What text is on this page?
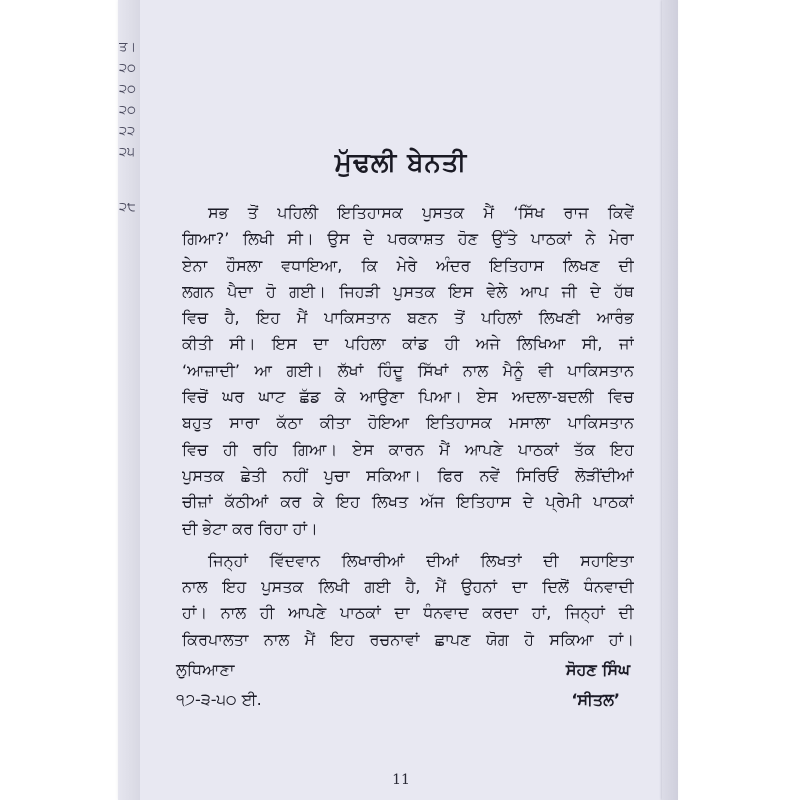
ਤ।
੨੦
੨੦
੨੦
੨੨
੨੫
੨੮
ਮੁੱਢਲੀ ਬੇਨਤੀ
ਸਭ ਤੋਂ ਪਹਿਲੀ ਇਤਿਹਾਸਕ ਪੁਸਤਕ ਮੈਂ ‘ਸਿੱਖ ਰਾਜ ਕਿਵੇਂ
ਗਿਆ?’ ਲਿਖੀ ਸੀ। ਉਸ ਦੇ ਪਰਕਾਸ਼ਤ ਹੋਣ ਉੱਤੇ ਪਾਠਕਾਂ ਨੇ ਮੇਰਾ
ਏਨਾ ਹੌਸਲਾ ਵਧਾਇਆ, ਕਿ ਮੇਰੇ ਅੰਦਰ ਇਤਿਹਾਸ ਲਿਖਣ ਦੀ
ਲਗਨ ਪੈਦਾ ਹੋ ਗਈ। ਜਿਹੜੀ ਪੁਸਤਕ ਇਸ ਵੇਲੇ ਆਪ ਜੀ ਦੇ ਹੱਥ
ਵਿਚ ਹੈ, ਇਹ ਮੈਂ ਪਾਕਿਸਤਾਨ ਬਣਨ ਤੋਂ ਪਹਿਲਾਂ ਲਿਖਣੀ ਆਰੰਭ
ਕੀਤੀ ਸੀ। ਇਸ ਦਾ ਪਹਿਲਾ ਕਾਂਡ ਹੀ ਅਜੇ ਲਿਖਿਆ ਸੀ, ਜਾਂ
‘ਆਜ਼ਾਦੀ’ ਆ ਗਈ। ਲੱਖਾਂ ਹਿੰਦੂ ਸਿੱਖਾਂ ਨਾਲ ਮੈਨੂੰ ਵੀ ਪਾਕਿਸਤਾਨ
ਵਿਚੋਂ ਘਰ ਘਾਟ ਛੱਡ ਕੇ ਆਉਣਾ ਪਿਆ। ਏਸ ਅਦਲਾ-ਬਦਲੀ ਵਿਚ
ਬਹੁਤ ਸਾਰਾ ਕੱਠਾ ਕੀਤਾ ਹੋਇਆ ਇਤਿਹਾਸਕ ਮਸਾਲਾ ਪਾਕਿਸਤਾਨ
ਵਿਚ ਹੀ ਰਹਿ ਗਿਆ। ਏਸ ਕਾਰਨ ਮੈਂ ਆਪਣੇ ਪਾਠਕਾਂ ਤੱਕ ਇਹ
ਪੁਸਤਕ ਛੇਤੀ ਨਹੀਂ ਪੁਚਾ ਸਕਿਆ। ਫਿਰ ਨਵੇਂ ਸਿਰਿਓਂ ਲੋੜੀਂਦੀਆਂ
ਚੀਜ਼ਾਂ ਕੱਠੀਆਂ ਕਰ ਕੇ ਇਹ ਲਿਖਤ ਅੱਜ ਇਤਿਹਾਸ ਦੇ ਪ੍ਰੇਮੀ ਪਾਠਕਾਂ
ਦੀ ਭੇਟਾ ਕਰ ਰਿਹਾ ਹਾਂ।
ਜਿਨ੍ਹਾਂ ਵਿੱਦਵਾਨ ਲਿਖਾਰੀਆਂ ਦੀਆਂ ਲਿਖਤਾਂ ਦੀ ਸਹਾਇਤਾ
ਨਾਲ ਇਹ ਪੁਸਤਕ ਲਿਖੀ ਗਈ ਹੈ, ਮੈਂ ਉਹਨਾਂ ਦਾ ਦਿਲੋਂ ਧੰਨਵਾਦੀ
ਹਾਂ। ਨਾਲ ਹੀ ਆਪਣੇ ਪਾਠਕਾਂ ਦਾ ਧੰਨਵਾਦ ਕਰਦਾ ਹਾਂ, ਜਿਨ੍ਹਾਂ ਦੀ
ਕਿਰਪਾਲਤਾ ਨਾਲ ਮੈਂ ਇਹ ਰਚਨਾਵਾਂ ਛਾਪਣ ਯੋਗ ਹੋ ਸਕਿਆ ਹਾਂ।
ਲੁਧਿਆਣਾ
੧੭-੩-੫੦ ਈ.
ਸੋਹਣ ਸਿੰਘ
‘ਸੀਤਲ’
11
